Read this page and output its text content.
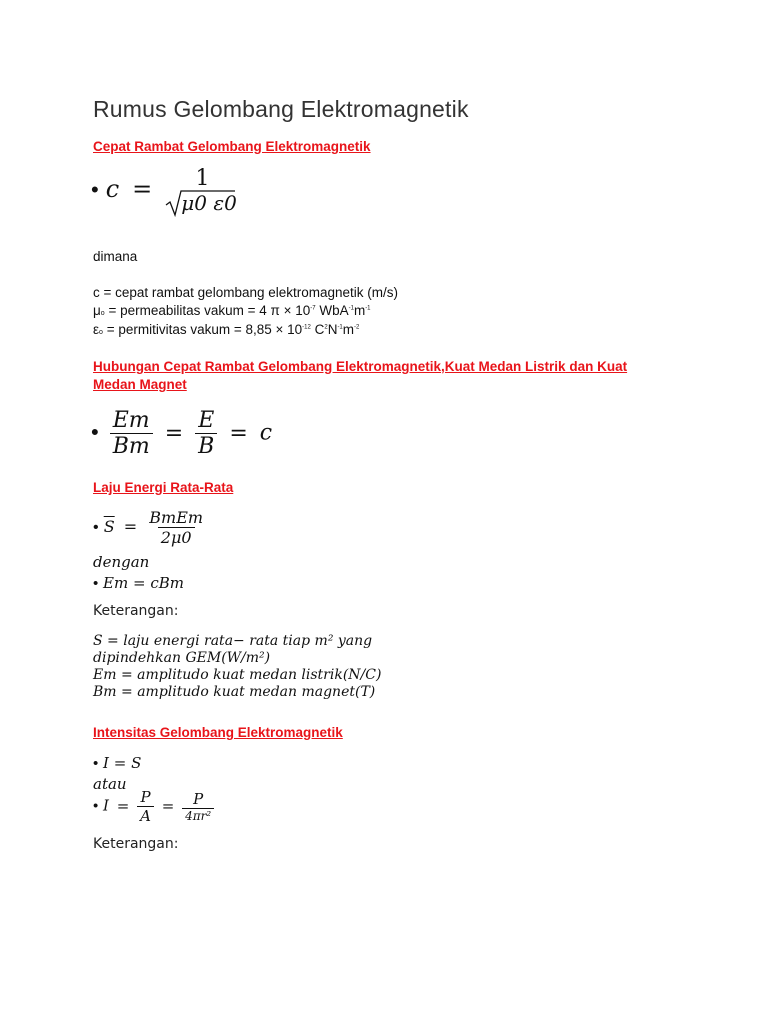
Rumus Gelombang Elektromagnetik
Cepat Rambat Gelombang Elektromagnetik
• c = 1
μ0 ε0
dimana
c = cepat rambat gelombang elektromagnetik (m/s)
μo = permeabilitas vakum = 4 $\pi \times 10^{-7}$ $WbA^{-1}m^{-1}$
εo = permitivitas vakum = $8,85 \times 10^{-12}$ $C^2N^{-1}m^{-2}$
Hubungan Cepat Rambat Gelombang Elektromagnetik,Kuat Medan Listrik dan Kuat
Medan Magnet
• $\frac{Em}{Bm} = \frac{E}{B} = c$
Laju Energi Rata-Rata
• $\overline{S} = \frac{\text{BmEm}}{2\mu 0}$
dengan
• Em = cBm
Keterangan:
S = laju energi rata− rata tiap m² yang
dipindehkan GEM(W/m²)
Em = amplitudo kuat medan listrik(N/C)
Bm = amplitudo kuat medan magnet(T)
Intensitas Gelombang Elektromagnetik
• I = S
atau
• $I = \frac{P}{A} = \frac{P}{\text{4πr²}}$
Keterangan:
